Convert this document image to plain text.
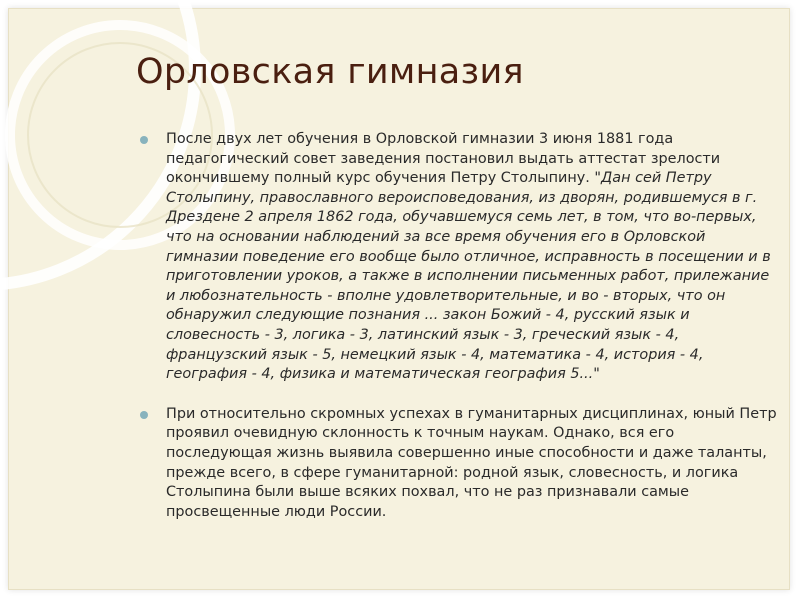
Орловская гимназия
После двух лет обучения в Орловской гимназии 3 июня 1881 года педагогический совет заведения постановил выдать аттестат зрелости окончившему полный курс обучения Петру Столыпину. "Дан сей Петру Столыпину, православного вероисповедования, из дворян, родившемуся в г. Дрездене 2 апреля 1862 года, обучавшемуся семь лет, в том, что во-первых, что на основании наблюдений за все время обучения его в Орловской гимназии поведение его вообще было отличное, исправность в посещении и в приготовлении уроков, а также в исполнении письменных работ, прилежание и любознательность - вполне удовлетворительные, и во - вторых, что он обнаружил следующие познания ... закон Божий - 4, русский язык и словесность - 3, логика - 3, латинский язык - 3, греческий язык - 4, французский язык - 5, немецкий язык - 4, математика - 4, история - 4, география - 4, физика и математическая география 5..."
При относительно скромных успехах в гуманитарных дисциплинах, юный Петр проявил очевидную склонность к точным наукам. Однако, вся его последующая жизнь выявила совершенно иные способности и даже таланты, прежде всего, в сфере гуманитарной: родной язык, словесность, и логика Столыпина были выше всяких похвал, что не раз признавали самые просвещенные люди России.
